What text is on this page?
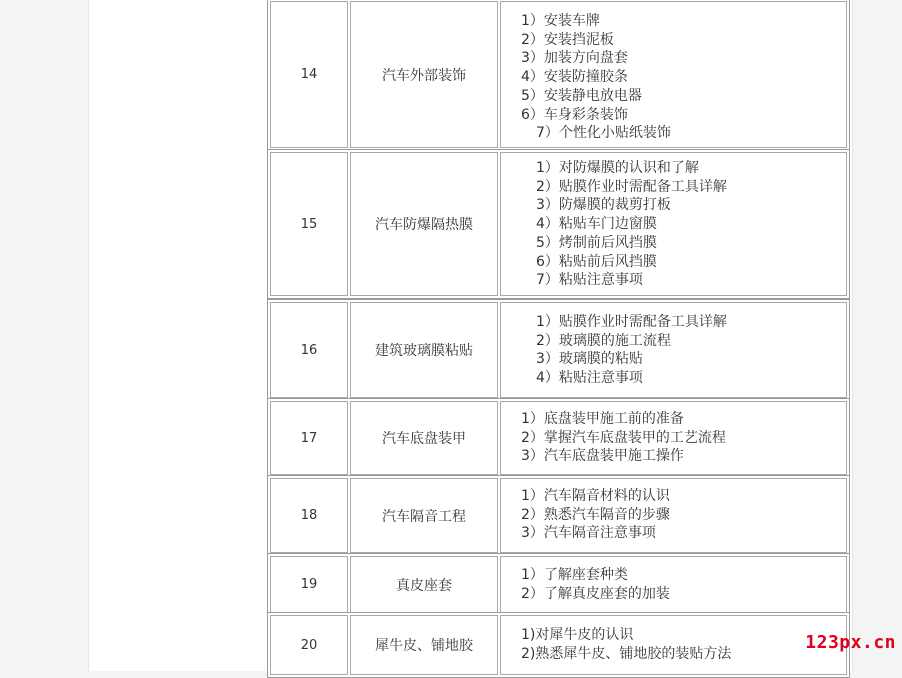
14	汽车外部装饰
1）安装车牌
2）安装挡泥板
3）加装方向盘套
4）安装防撞胶条
5）安装静电放电器
6）车身彩条装饰
7）个性化小贴纸装饰
15	汽车防爆隔热膜
1）对防爆膜的认识和了解
2）贴膜作业时需配备工具详解
3）防爆膜的裁剪打板
4）粘贴车门边窗膜
5）烤制前后风挡膜
6）粘贴前后风挡膜
7）粘贴注意事项
16	建筑玻璃膜粘贴
1）贴膜作业时需配备工具详解
2）玻璃膜的施工流程
3）玻璃膜的粘贴
4）粘贴注意事项
17	汽车底盘装甲
1）底盘装甲施工前的准备
2）掌握汽车底盘装甲的工艺流程
3）汽车底盘装甲施工操作
18	汽车隔音工程
1）汽车隔音材料的认识
2）熟悉汽车隔音的步骤
3）汽车隔音注意事项
19	真皮座套
1）了解座套种类
2）了解真皮座套的加装
20	犀牛皮、铺地胶
1)对犀牛皮的认识
2)熟悉犀牛皮、铺地胶的装贴方法
123px.cn
